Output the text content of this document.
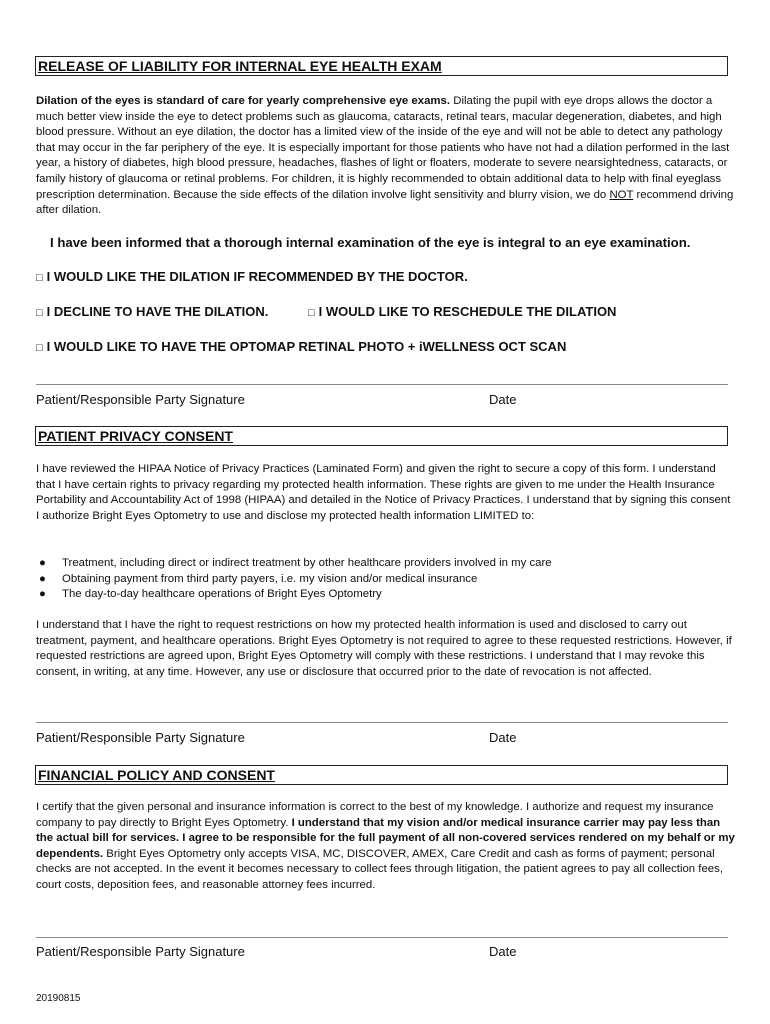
RELEASE OF LIABILITY FOR INTERNAL EYE HEALTH EXAM

Dilation of the eyes is standard of care for yearly comprehensive eye exams. Dilating the pupil with eye drops allows the doctor a much better view inside the eye to detect problems such as glaucoma, cataracts, retinal tears, macular degeneration, diabetes, and high blood pressure. Without an eye dilation, the doctor has a limited view of the inside of the eye and will not be able to detect any pathology that may occur in the far periphery of the eye. It is especially important for those patients who have not had a dilation performed in the last year, a history of diabetes, high blood pressure, headaches, flashes of light or floaters, moderate to severe nearsightedness, cataracts, or family history of glaucoma or retinal problems. For children, it is highly recommended to obtain additional data to help with final eyeglass prescription determination. Because the side effects of the dilation involve light sensitivity and blurry vision, we do NOT recommend driving after dilation.

I have been informed that a thorough internal examination of the eye is integral to an eye examination.
□ I WOULD LIKE THE DILATION IF RECOMMENDED BY THE DOCTOR.
□ I DECLINE TO HAVE THE DILATION.	□ I WOULD LIKE TO RESCHEDULE THE DILATION
□ I WOULD LIKE TO HAVE THE OPTOMAP RETINAL PHOTO + iWELLNESS OCT SCAN
Patient/Responsible Party Signature	Date
PATIENT PRIVACY CONSENT

I have reviewed the HIPAA Notice of Privacy Practices (Laminated Form) and given the right to secure a copy of this form. I understand that I have certain rights to privacy regarding my protected health information. These rights are given to me under the Health Insurance Portability and Accountability Act of 1998 (HIPAA) and detailed in the Notice of Privacy Practices. I understand that by signing this consent I authorize Bright Eyes Optometry to use and disclose my protected health information LIMITED to:

● Treatment, including direct or indirect treatment by other healthcare providers involved in my care
● Obtaining payment from third party payers, i.e. my vision and/or medical insurance
● The day-to-day healthcare operations of Bright Eyes Optometry

I understand that I have the right to request restrictions on how my protected health information is used and disclosed to carry out treatment, payment, and healthcare operations. Bright Eyes Optometry is not required to agree to these requested restrictions. However, if requested restrictions are agreed upon, Bright Eyes Optometry will comply with these restrictions. I understand that I may revoke this consent, in writing, at any time. However, any use or disclosure that occurred prior to the date of revocation is not affected.

Patient/Responsible Party Signature	Date
FINANCIAL POLICY AND CONSENT

I certify that the given personal and insurance information is correct to the best of my knowledge. I authorize and request my insurance company to pay directly to Bright Eyes Optometry. I understand that my vision and/or medical insurance carrier may pay less than the actual bill for services. I agree to be responsible for the full payment of all non-covered services rendered on my behalf or my dependents. Bright Eyes Optometry only accepts VISA, MC, DISCOVER, AMEX, Care Credit and cash as forms of payment; personal checks are not accepted. In the event it becomes necessary to collect fees through litigation, the patient agrees to pay all collection fees, court costs, deposition fees, and reasonable attorney fees incurred.

Patient/Responsible Party Signature	Date
20190815
